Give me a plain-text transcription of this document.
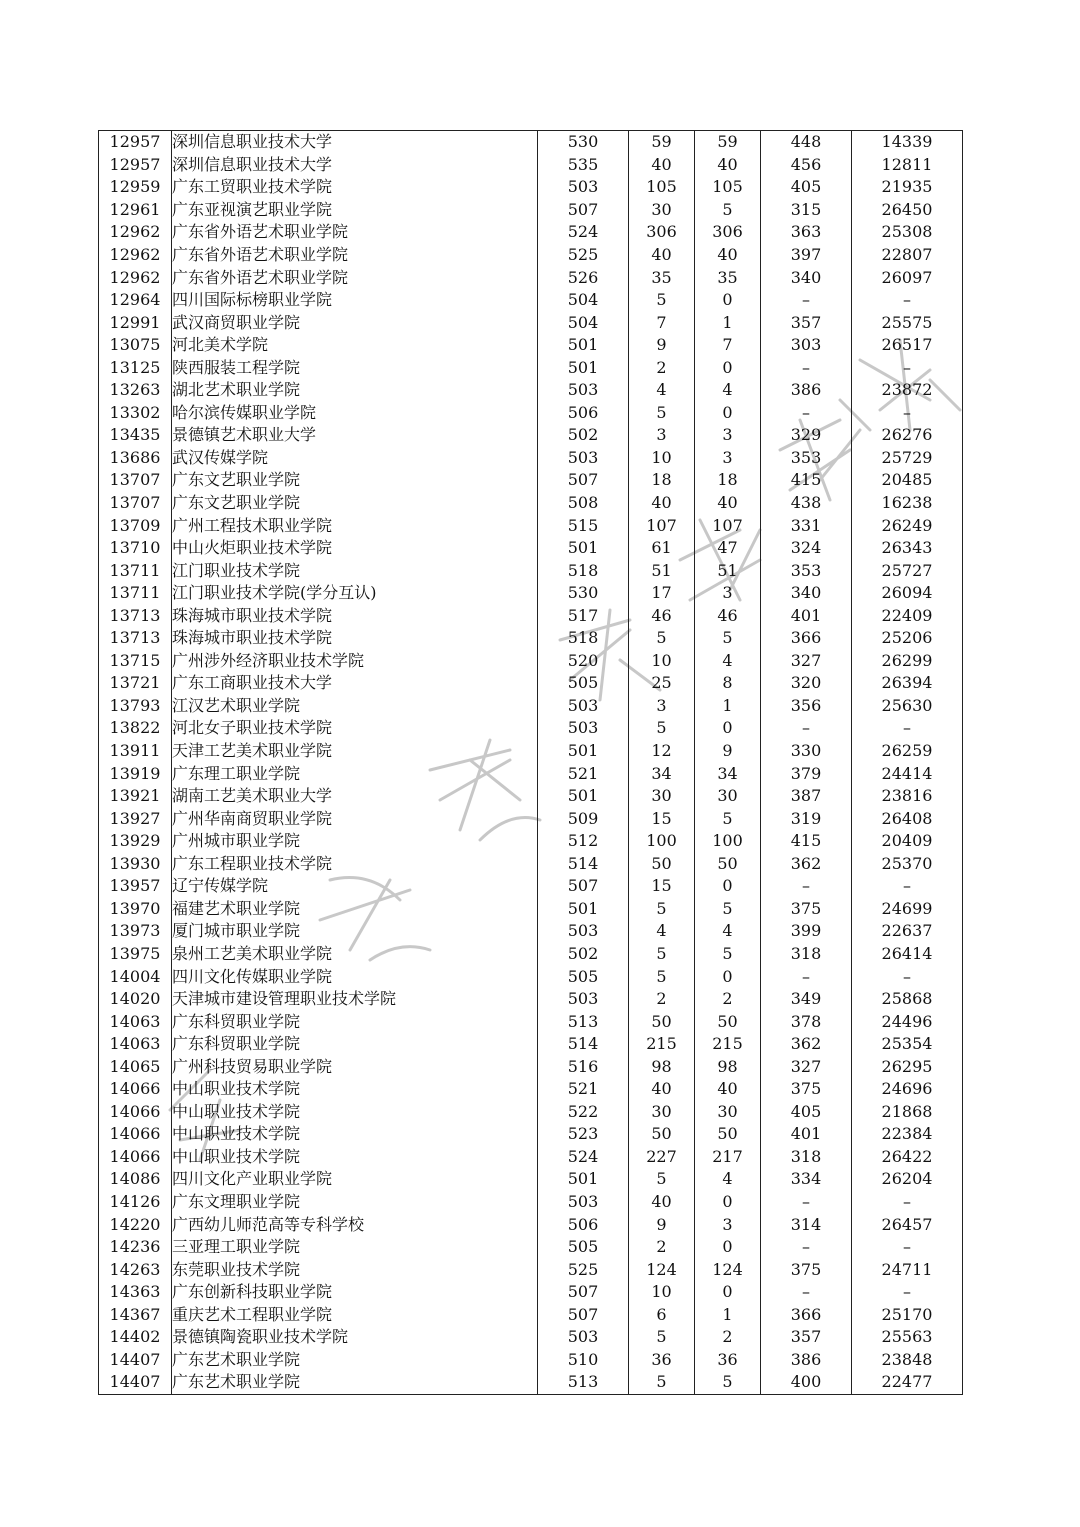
12957	深圳信息职业技术大学	530	59	59	448	14339
12957	深圳信息职业技术大学	535	40	40	456	12811
12959	广东工贸职业技术学院	503	105	105	405	21935
12961	广东亚视演艺职业学院	507	30	5	315	26450
12962	广东省外语艺术职业学院	524	306	306	363	25308
12962	广东省外语艺术职业学院	525	40	40	397	22807
12962	广东省外语艺术职业学院	526	35	35	340	26097
12964	四川国际标榜职业学院	504	5	0	–	–
12991	武汉商贸职业学院	504	7	1	357	25575
13075	河北美术学院	501	9	7	303	26517
13125	陕西服装工程学院	501	2	0	–	–
13263	湖北艺术职业学院	503	4	4	386	23872
13302	哈尔滨传媒职业学院	506	5	0	–	–
13435	景德镇艺术职业大学	502	3	3	329	26276
13686	武汉传媒学院	503	10	3	353	25729
13707	广东文艺职业学院	507	18	18	415	20485
13707	广东文艺职业学院	508	40	40	438	16238
13709	广州工程技术职业学院	515	107	107	331	26249
13710	中山火炬职业技术学院	501	61	47	324	26343
13711	江门职业技术学院	518	51	51	353	25727
13711	江门职业技术学院(学分互认)	530	17	3	340	26094
13713	珠海城市职业技术学院	517	46	46	401	22409
13713	珠海城市职业技术学院	518	5	5	366	25206
13715	广州涉外经济职业技术学院	520	10	4	327	26299
13721	广东工商职业技术大学	505	25	8	320	26394
13793	江汉艺术职业学院	503	3	1	356	25630
13822	河北女子职业技术学院	503	5	0	–	–
13911	天津工艺美术职业学院	501	12	9	330	26259
13919	广东理工职业学院	521	34	34	379	24414
13921	湖南工艺美术职业大学	501	30	30	387	23816
13927	广州华南商贸职业学院	509	15	5	319	26408
13929	广州城市职业学院	512	100	100	415	20409
13930	广东工程职业技术学院	514	50	50	362	25370
13957	辽宁传媒学院	507	15	0	–	–
13970	福建艺术职业学院	501	5	5	375	24699
13973	厦门城市职业学院	503	4	4	399	22637
13975	泉州工艺美术职业学院	502	5	5	318	26414
14004	四川文化传媒职业学院	505	5	0	–	–
14020	天津城市建设管理职业技术学院	503	2	2	349	25868
14063	广东科贸职业学院	513	50	50	378	24496
14063	广东科贸职业学院	514	215	215	362	25354
14065	广州科技贸易职业学院	516	98	98	327	26295
14066	中山职业技术学院	521	40	40	375	24696
14066	中山职业技术学院	522	30	30	405	21868
14066	中山职业技术学院	523	50	50	401	22384
14066	中山职业技术学院	524	227	217	318	26422
14086	四川文化产业职业学院	501	5	4	334	26204
14126	广东文理职业学院	503	40	0	–	–
14220	广西幼儿师范高等专科学校	506	9	3	314	26457
14236	三亚理工职业学院	505	2	0	–	–
14263	东莞职业技术学院	525	124	124	375	24711
14363	广东创新科技职业学院	507	10	0	–	–
14367	重庆艺术工程职业学院	507	6	1	366	25170
14402	景德镇陶瓷职业技术学院	503	5	2	357	25563
14407	广东艺术职业学院	510	36	36	386	23848
14407	广东艺术职业学院	513	5	5	400	22477
